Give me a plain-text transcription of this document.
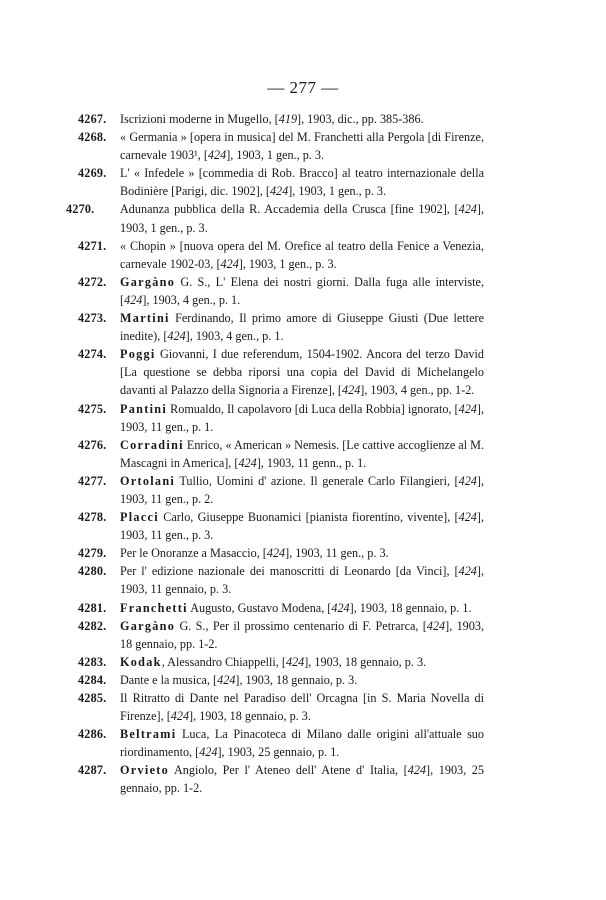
— 277 —

4267.	Iscrizioni moderne in Mugello, [419], 1903, dic., pp. 385-386.

4268.	« Germania » [opera in musica] del M. Franchetti alla Pergola [di Firenze, carnevale 1903¹, [424], 1903, 1 gen., p. 3.

4269.	L' « Infedele » [commedia di Rob. Bracco] al teatro internazionale della Bodinière [Parigi, dic. 1902], [424], 1903, 1 gen., p. 3.

4270.	Adunanza pubblica della R. Accademia della Crusca [fine 1902], [424], 1903, 1 gen., p. 3.

4271.	« Chopin » [nuova opera del M. Orefice al teatro della Fenice a Venezia, carnevale 1902-03, [424], 1903, 1 gen., p. 3.

4272.	Gargàno G. S., L' Elena dei nostri giorni. Dalla fuga alle interviste, [424], 1903, 4 gen., p. 1.

4273.	Martini Ferdinando, Il primo amore di Giuseppe Giusti (Due lettere inedite), [424], 1903, 4 gen., p. 1.

4274.	Poggi Giovanni, I due referendum, 1504-1902. Ancora del terzo David [La questione se debba riporsi una copia del David di Michelangelo davanti al Palazzo della Signoria a Firenze], [424], 1903, 4 gen., pp. 1-2.

4275.	Pantini Romualdo, Il capolavoro [di Luca della Robbia] ignorato, [424], 1903, 11 gen., p. 1.

4276.	Corradini Enrico, « American » Nemesis. [Le cattive accoglienze al M. Mascagni in America], [424], 1903, 11 genn., p. 1.

4277.	Ortolani Tullio, Uomini d' azione. Il generale Carlo Filangieri, [424], 1903, 11 gen., p. 2.

4278.	Placci Carlo, Giuseppe Buonamici [pianista fiorentino, vivente], [424], 1903, 11 gen., p. 3.

4279.	Per le Onoranze a Masaccio, [424], 1903, 11 gen., p. 3.

4280.	Per l' edizione nazionale dei manoscritti di Leonardo [da Vinci], [424], 1903, 11 gennaio, p. 3.

4281.	Franchetti Augusto, Gustavo Modena, [424], 1903, 18 gennaio, p. 1.

4282.	Gargàno G. S., Per il prossimo centenario di F. Petrarca, [424], 1903, 18 gennaio, pp. 1-2.

4283.	Kodak, Alessandro Chiappelli, [424], 1903, 18 gennaio, p. 3.

4284.	Dante e la musica, [424], 1903, 18 gennaio, p. 3.

4285.	Il Ritratto di Dante nel Paradiso dell' Orcagna [in S. Maria Novella di Firenze], [424], 1903, 18 gennaio, p. 3.

4286.	Beltrami Luca, La Pinacoteca di Milano dalle origini all'attuale suo riordinamento, [424], 1903, 25 gennaio, p. 1.

4287.	Orvieto Angiolo, Per l' Ateneo dell' Atene d' Italia, [424], 1903, 25 gennaio, pp. 1-2.
